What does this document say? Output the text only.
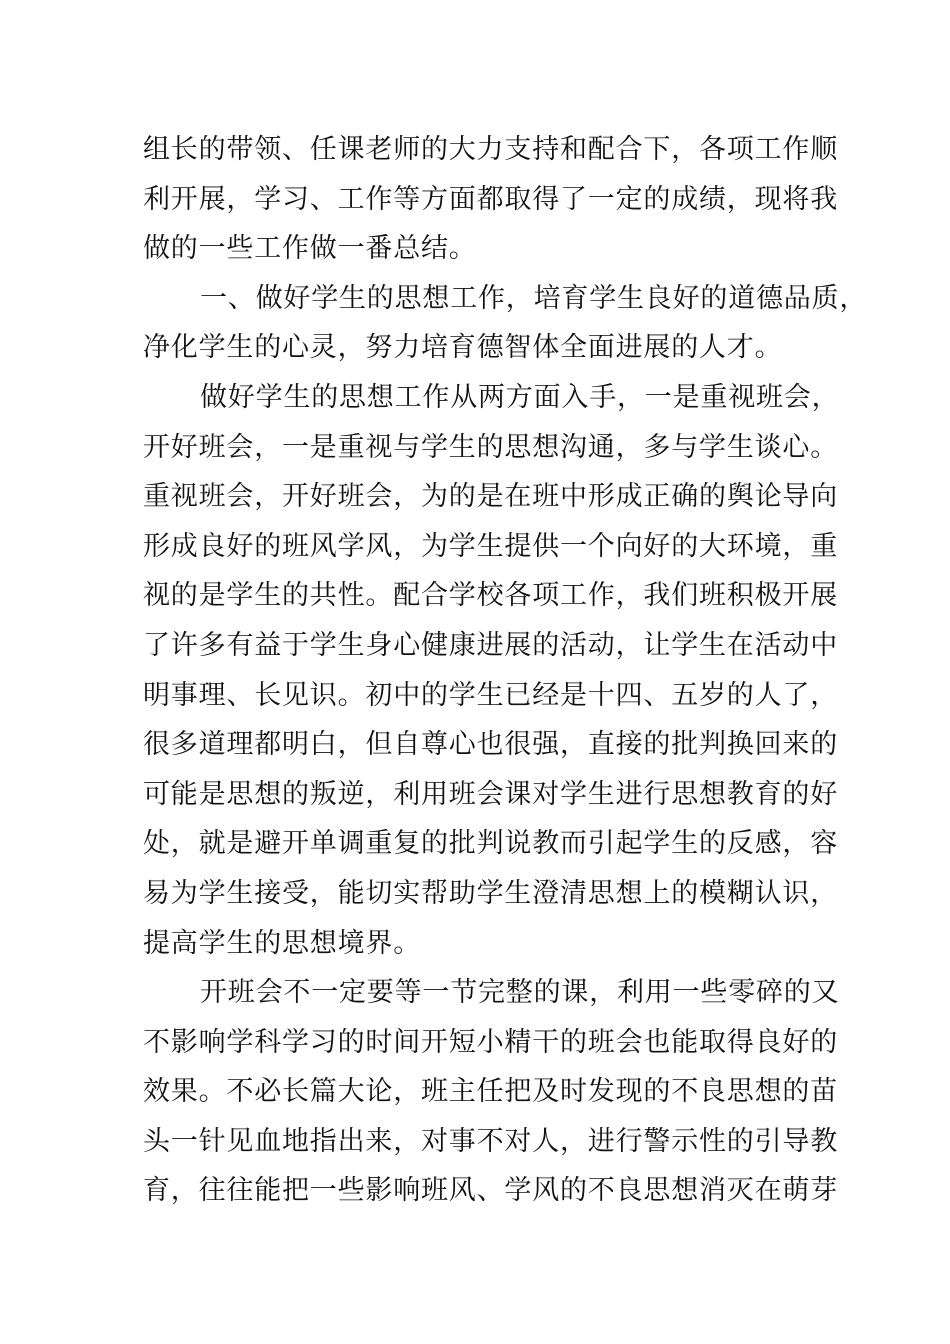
组长的带领、任课老师的大力支持和配合下，各项工作顺
利开展，学习、工作等方面都取得了一定的成绩，现将我
做的一些工作做一番总结。
一、做好学生的思想工作，培育学生良好的道德品质，
净化学生的心灵，努力培育德智体全面进展的人才。
做好学生的思想工作从两方面入手，一是重视班会，
开好班会，一是重视与学生的思想沟通，多与学生谈心。
重视班会，开好班会，为的是在班中形成正确的舆论导向
形成良好的班风学风，为学生提供一个向好的大环境，重
视的是学生的共性。配合学校各项工作，我们班积极开展
了许多有益于学生身心健康进展的活动，让学生在活动中
明事理、长见识。初中的学生已经是十四、五岁的人了，
很多道理都明白，但自尊心也很强，直接的批判换回来的
可能是思想的叛逆，利用班会课对学生进行思想教育的好
处，就是避开单调重复的批判说教而引起学生的反感，容
易为学生接受，能切实帮助学生澄清思想上的模糊认识，
提高学生的思想境界。
开班会不一定要等一节完整的课，利用一些零碎的又
不影响学科学习的时间开短小精干的班会也能取得良好的
效果。不必长篇大论，班主任把及时发现的不良思想的苗
头一针见血地指出来，对事不对人，进行警示性的引导教
育，往往能把一些影响班风、学风的不良思想消灭在萌芽
